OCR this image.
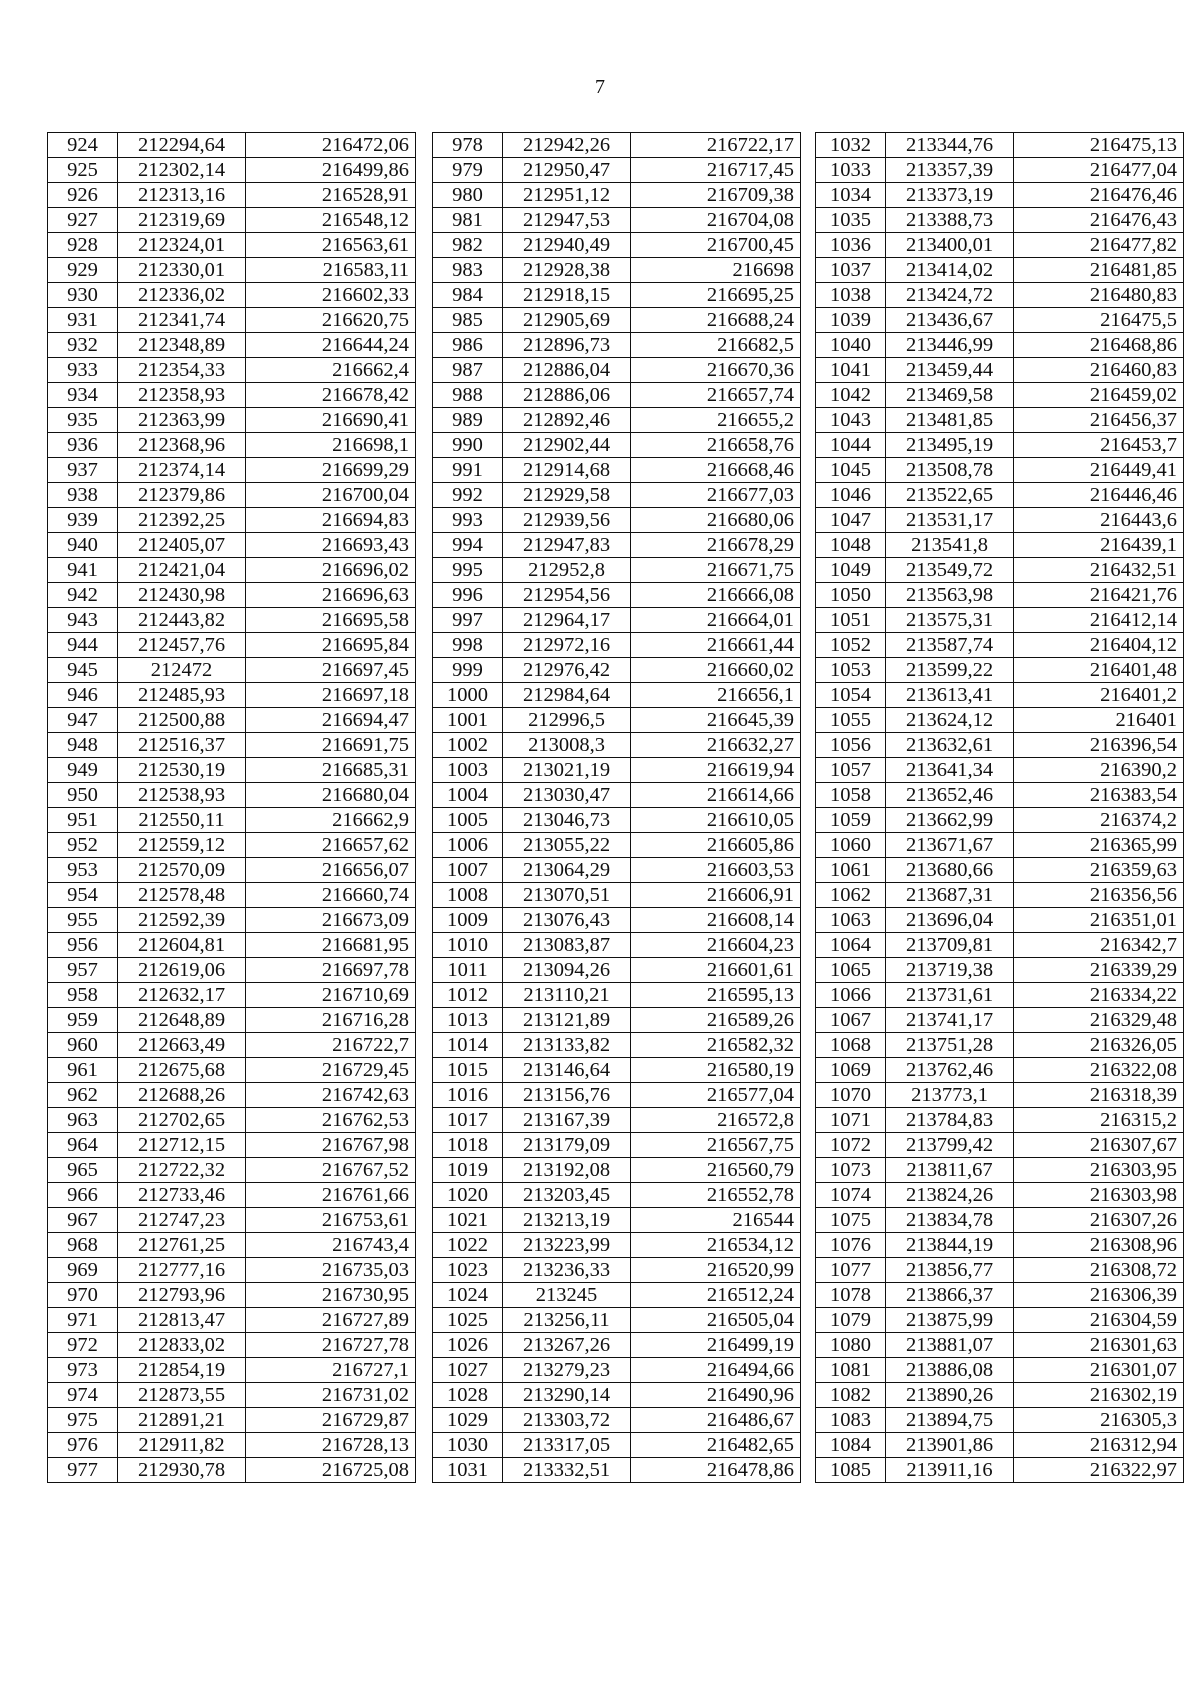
7
924	212294,64	216472,06
925	212302,14	216499,86
926	212313,16	216528,91
927	212319,69	216548,12
928	212324,01	216563,61
929	212330,01	216583,11
930	212336,02	216602,33
931	212341,74	216620,75
932	212348,89	216644,24
933	212354,33	216662,4
934	212358,93	216678,42
935	212363,99	216690,41
936	212368,96	216698,1
937	212374,14	216699,29
938	212379,86	216700,04
939	212392,25	216694,83
940	212405,07	216693,43
941	212421,04	216696,02
942	212430,98	216696,63
943	212443,82	216695,58
944	212457,76	216695,84
945	212472	216697,45
946	212485,93	216697,18
947	212500,88	216694,47
948	212516,37	216691,75
949	212530,19	216685,31
950	212538,93	216680,04
951	212550,11	216662,9
952	212559,12	216657,62
953	212570,09	216656,07
954	212578,48	216660,74
955	212592,39	216673,09
956	212604,81	216681,95
957	212619,06	216697,78
958	212632,17	216710,69
959	212648,89	216716,28
960	212663,49	216722,7
961	212675,68	216729,45
962	212688,26	216742,63
963	212702,65	216762,53
964	212712,15	216767,98
965	212722,32	216767,52
966	212733,46	216761,66
967	212747,23	216753,61
968	212761,25	216743,4
969	212777,16	216735,03
970	212793,96	216730,95
971	212813,47	216727,89
972	212833,02	216727,78
973	212854,19	216727,1
974	212873,55	216731,02
975	212891,21	216729,87
976	212911,82	216728,13
977	212930,78	216725,08
978	212942,26	216722,17
979	212950,47	216717,45
980	212951,12	216709,38
981	212947,53	216704,08
982	212940,49	216700,45
983	212928,38	216698
984	212918,15	216695,25
985	212905,69	216688,24
986	212896,73	216682,5
987	212886,04	216670,36
988	212886,06	216657,74
989	212892,46	216655,2
990	212902,44	216658,76
991	212914,68	216668,46
992	212929,58	216677,03
993	212939,56	216680,06
994	212947,83	216678,29
995	212952,8	216671,75
996	212954,56	216666,08
997	212964,17	216664,01
998	212972,16	216661,44
999	212976,42	216660,02
1000	212984,64	216656,1
1001	212996,5	216645,39
1002	213008,3	216632,27
1003	213021,19	216619,94
1004	213030,47	216614,66
1005	213046,73	216610,05
1006	213055,22	216605,86
1007	213064,29	216603,53
1008	213070,51	216606,91
1009	213076,43	216608,14
1010	213083,87	216604,23
1011	213094,26	216601,61
1012	213110,21	216595,13
1013	213121,89	216589,26
1014	213133,82	216582,32
1015	213146,64	216580,19
1016	213156,76	216577,04
1017	213167,39	216572,8
1018	213179,09	216567,75
1019	213192,08	216560,79
1020	213203,45	216552,78
1021	213213,19	216544
1022	213223,99	216534,12
1023	213236,33	216520,99
1024	213245	216512,24
1025	213256,11	216505,04
1026	213267,26	216499,19
1027	213279,23	216494,66
1028	213290,14	216490,96
1029	213303,72	216486,67
1030	213317,05	216482,65
1031	213332,51	216478,86
1032	213344,76	216475,13
1033	213357,39	216477,04
1034	213373,19	216476,46
1035	213388,73	216476,43
1036	213400,01	216477,82
1037	213414,02	216481,85
1038	213424,72	216480,83
1039	213436,67	216475,5
1040	213446,99	216468,86
1041	213459,44	216460,83
1042	213469,58	216459,02
1043	213481,85	216456,37
1044	213495,19	216453,7
1045	213508,78	216449,41
1046	213522,65	216446,46
1047	213531,17	216443,6
1048	213541,8	216439,1
1049	213549,72	216432,51
1050	213563,98	216421,76
1051	213575,31	216412,14
1052	213587,74	216404,12
1053	213599,22	216401,48
1054	213613,41	216401,2
1055	213624,12	216401
1056	213632,61	216396,54
1057	213641,34	216390,2
1058	213652,46	216383,54
1059	213662,99	216374,2
1060	213671,67	216365,99
1061	213680,66	216359,63
1062	213687,31	216356,56
1063	213696,04	216351,01
1064	213709,81	216342,7
1065	213719,38	216339,29
1066	213731,61	216334,22
1067	213741,17	216329,48
1068	213751,28	216326,05
1069	213762,46	216322,08
1070	213773,1	216318,39
1071	213784,83	216315,2
1072	213799,42	216307,67
1073	213811,67	216303,95
1074	213824,26	216303,98
1075	213834,78	216307,26
1076	213844,19	216308,96
1077	213856,77	216308,72
1078	213866,37	216306,39
1079	213875,99	216304,59
1080	213881,07	216301,63
1081	213886,08	216301,07
1082	213890,26	216302,19
1083	213894,75	216305,3
1084	213901,86	216312,94
1085	213911,16	216322,97
